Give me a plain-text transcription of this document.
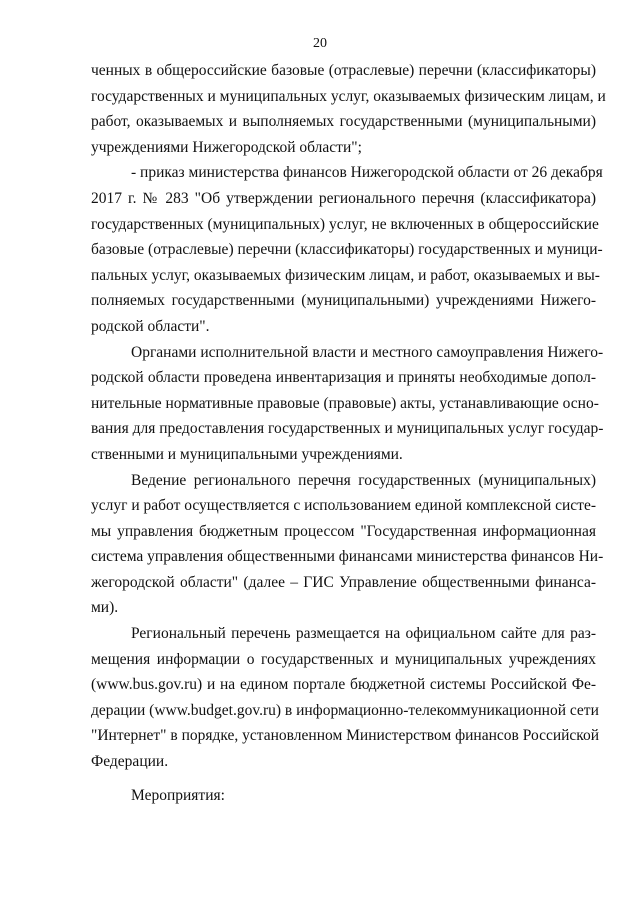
20
ченных в общероссийские базовые (отраслевые) перечни (классификаторы)
государственных и муниципальных услуг, оказываемых физическим лицам, и
работ, оказываемых и выполняемых государственными (муниципальными)
учреждениями Нижегородской области";
- приказ министерства финансов Нижегородской области от 26 декабря
2017 г. № 283 "Об утверждении регионального перечня (классификатора)
государственных (муниципальных) услуг, не включенных в общероссийские
базовые (отраслевые) перечни (классификаторы) государственных и муници-
пальных услуг, оказываемых физическим лицам, и работ, оказываемых и вы-
полняемых государственными (муниципальными) учреждениями Нижего-
родской области".
Органами исполнительной власти и местного самоуправления Нижего-
родской области проведена инвентаризация и приняты необходимые допол-
нительные нормативные правовые (правовые) акты, устанавливающие осно-
вания для предоставления государственных и муниципальных услуг государ-
ственными и муниципальными учреждениями.
Ведение регионального перечня государственных (муниципальных)
услуг и работ осуществляется с использованием единой комплексной систе-
мы управления бюджетным процессом "Государственная информационная
система управления общественными финансами министерства финансов Ни-
жегородской области" (далее – ГИС Управление общественными финанса-
ми).
Региональный перечень размещается на официальном сайте для раз-
мещения информации о государственных и муниципальных учреждениях
(www.bus.gov.ru) и на едином портале бюджетной системы Российской Фе-
дерации (www.budget.gov.ru) в информационно-телекоммуникационной сети
"Интернет" в порядке, установленном Министерством финансов Российской
Федерации.
Мероприятия:
